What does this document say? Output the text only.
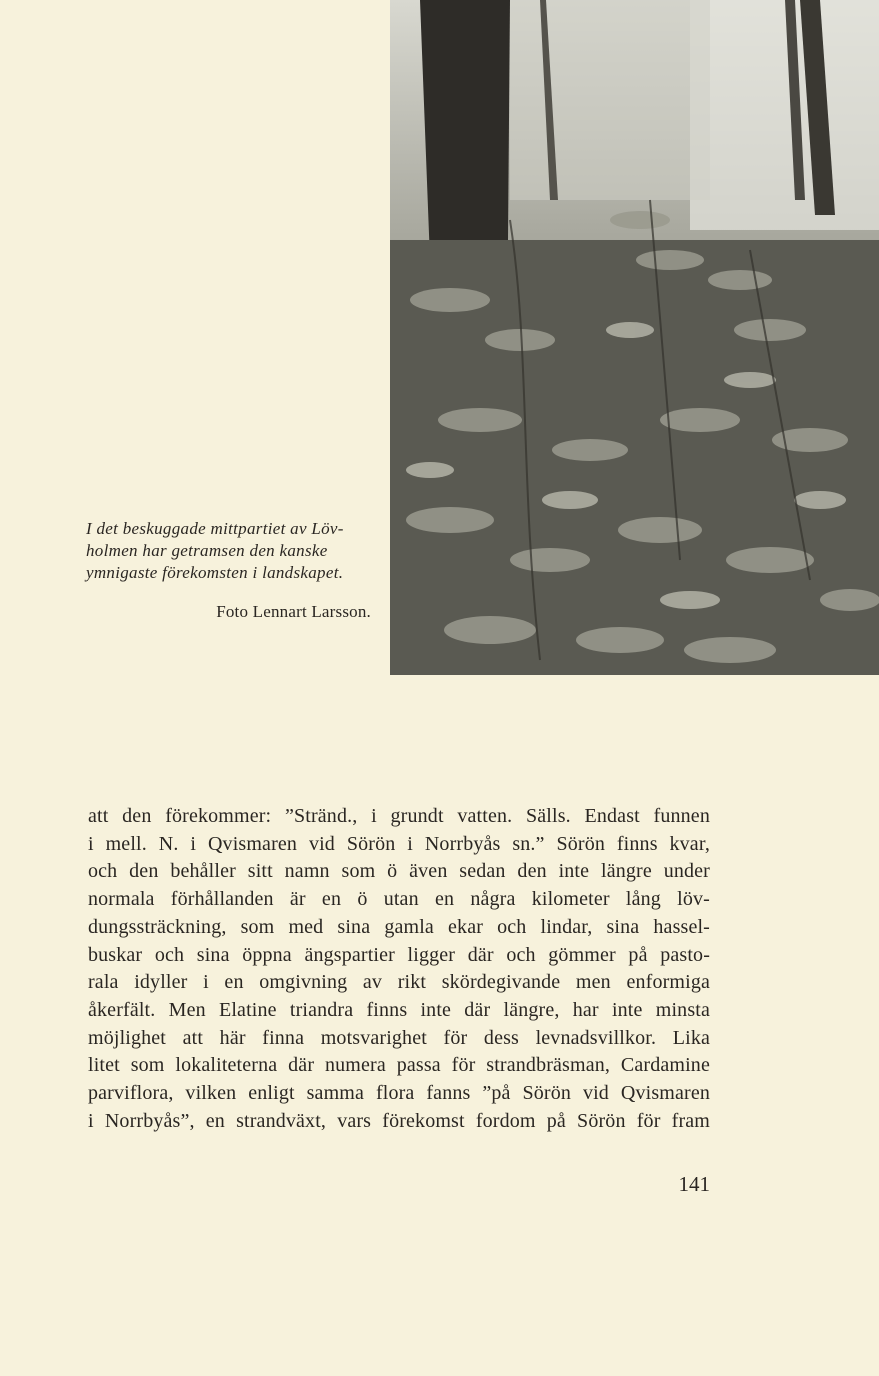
I det beskuggade mittpartiet av Löv-

holmen har getramsen den kanske

ymnigaste förekomsten i landskapet.

Foto Lennart Larsson.
att den förekommer: ”Stränd., i grundt vatten. Sälls. Endast funnen
i mell. N. i Qvismaren vid Sörön i Norrbyås sn.” Sörön finns kvar,
och den behåller sitt namn som ö även sedan den inte längre under
normala förhållanden är en ö utan en några kilometer lång löv-
dungssträckning, som med sina gamla ekar och lindar, sina hassel-
buskar och sina öppna ängspartier ligger där och gömmer på pasto-
rala idyller i en omgivning av rikt skördegivande men enformiga
åkerfält. Men Elatine triandra finns inte där längre, har inte minsta
möjlighet att här finna motsvarighet för dess levnadsvillkor. Lika
litet som lokaliteterna där numera passa för strandbräsman, Cardamine
parviflora, vilken enligt samma flora fanns ”på Sörön vid Qvismaren
i Norrbyås”, en strandväxt, vars förekomst fordom på Sörön för fram
141
